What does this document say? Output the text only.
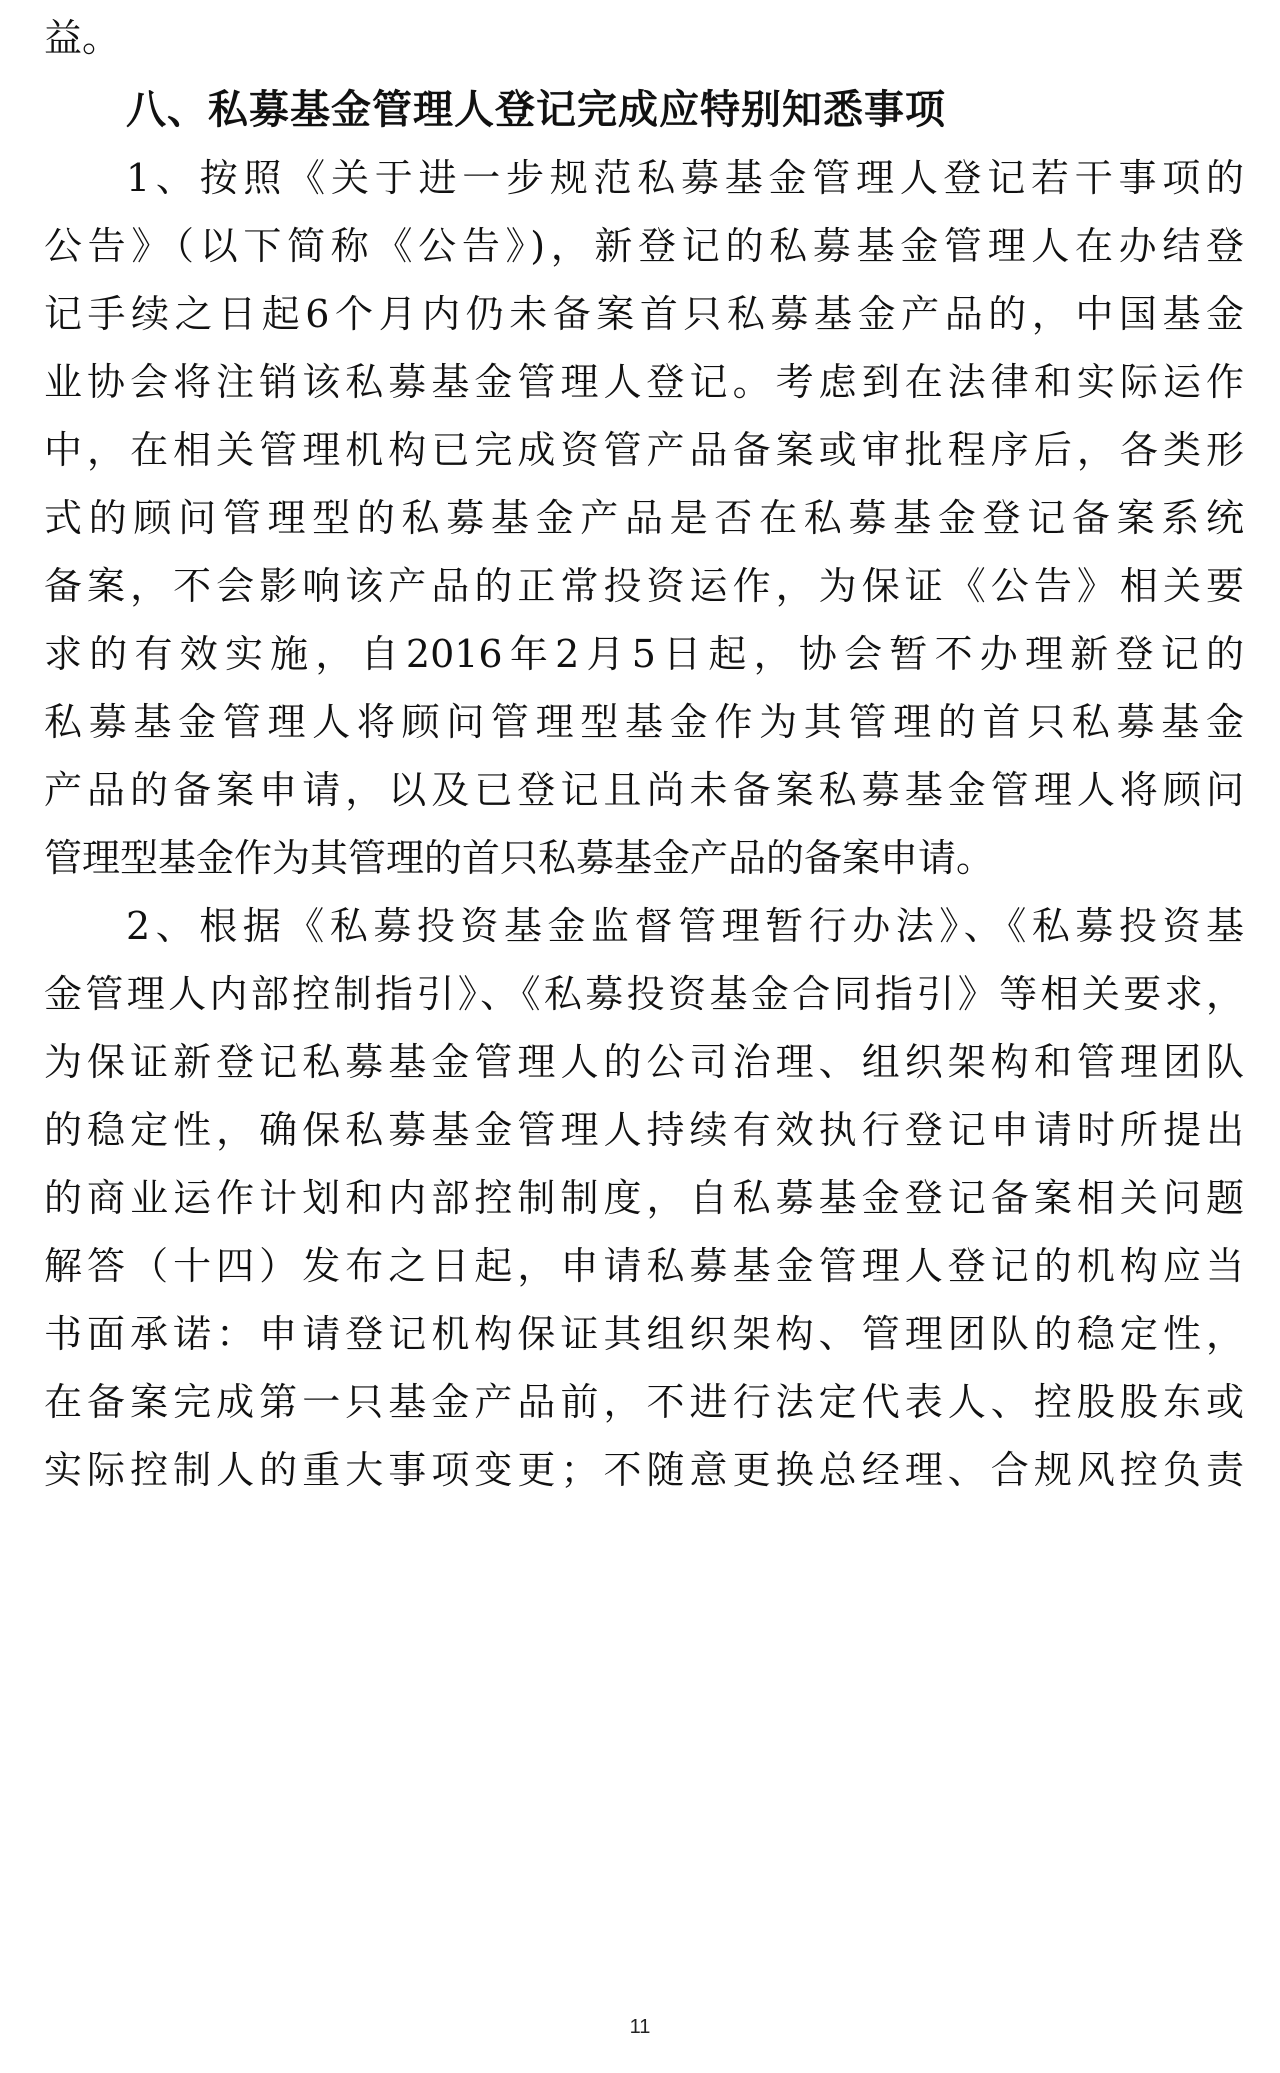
益。
八、私募基金管理人登记完成应特别知悉事项
1、按照《关于进一步规范私募基金管理人登记若干事项的
公告》（以下简称《公告》)，新登记的私募基金管理人在办结登
记手续之日起6个月内仍未备案首只私募基金产品的，中国基金
业协会将注销该私募基金管理人登记。考虑到在法律和实际运作
中，在相关管理机构已完成资管产品备案或审批程序后，各类形
式的顾问管理型的私募基金产品是否在私募基金登记备案系统
备案，不会影响该产品的正常投资运作，为保证《公告》相关要
求的有效实施，自2016年2月5日起，协会暂不办理新登记的
私募基金管理人将顾问管理型基金作为其管理的首只私募基金
产品的备案申请，以及已登记且尚未备案私募基金管理人将顾问
管理型基金作为其管理的首只私募基金产品的备案申请。
2、根据《私募投资基金监督管理暂行办法》、《私募投资基
金管理人内部控制指引》、《私募投资基金合同指引》等相关要求，
为保证新登记私募基金管理人的公司治理、组织架构和管理团队
的稳定性，确保私募基金管理人持续有效执行登记申请时所提出
的商业运作计划和内部控制制度，自私募基金登记备案相关问题
解答（十四）发布之日起，申请私募基金管理人登记的机构应当
书面承诺：申请登记机构保证其组织架构、管理团队的稳定性，
在备案完成第一只基金产品前，不进行法定代表人、控股股东或
实际控制人的重大事项变更；不随意更换总经理、合规风控负责
11
